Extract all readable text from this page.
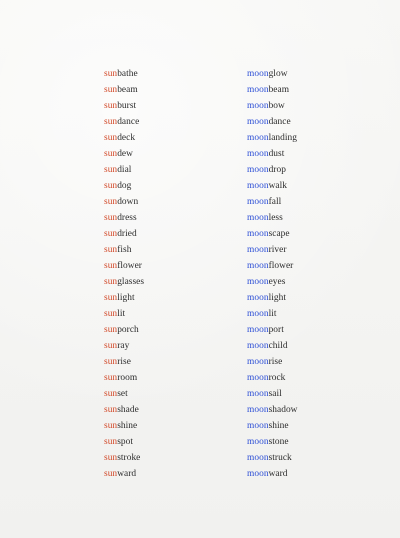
sunbathe
sunbeam
sunburst
sundance
sundeck
sundew
sundial
sundog
sundown
sundress
sundried
sunfish
sunflower
sunglasses
sunlight
sunlit
sunporch
sunray
sunrise
sunroom
sunset
sunshade
sunshine
sunspot
sunstroke
sunward
moonglow
moonbeam
moonbow
moondance
moonlanding
moondust
moondrop
moonwalk
moonfall
moonless
moonscape
moonriver
moonflower
mooneyes
moonlight
moonlit
moonport
moonchild
moonrise
moonrock
moonsail
moonshadow
moonshine
moonstone
moonstruck
moonward
